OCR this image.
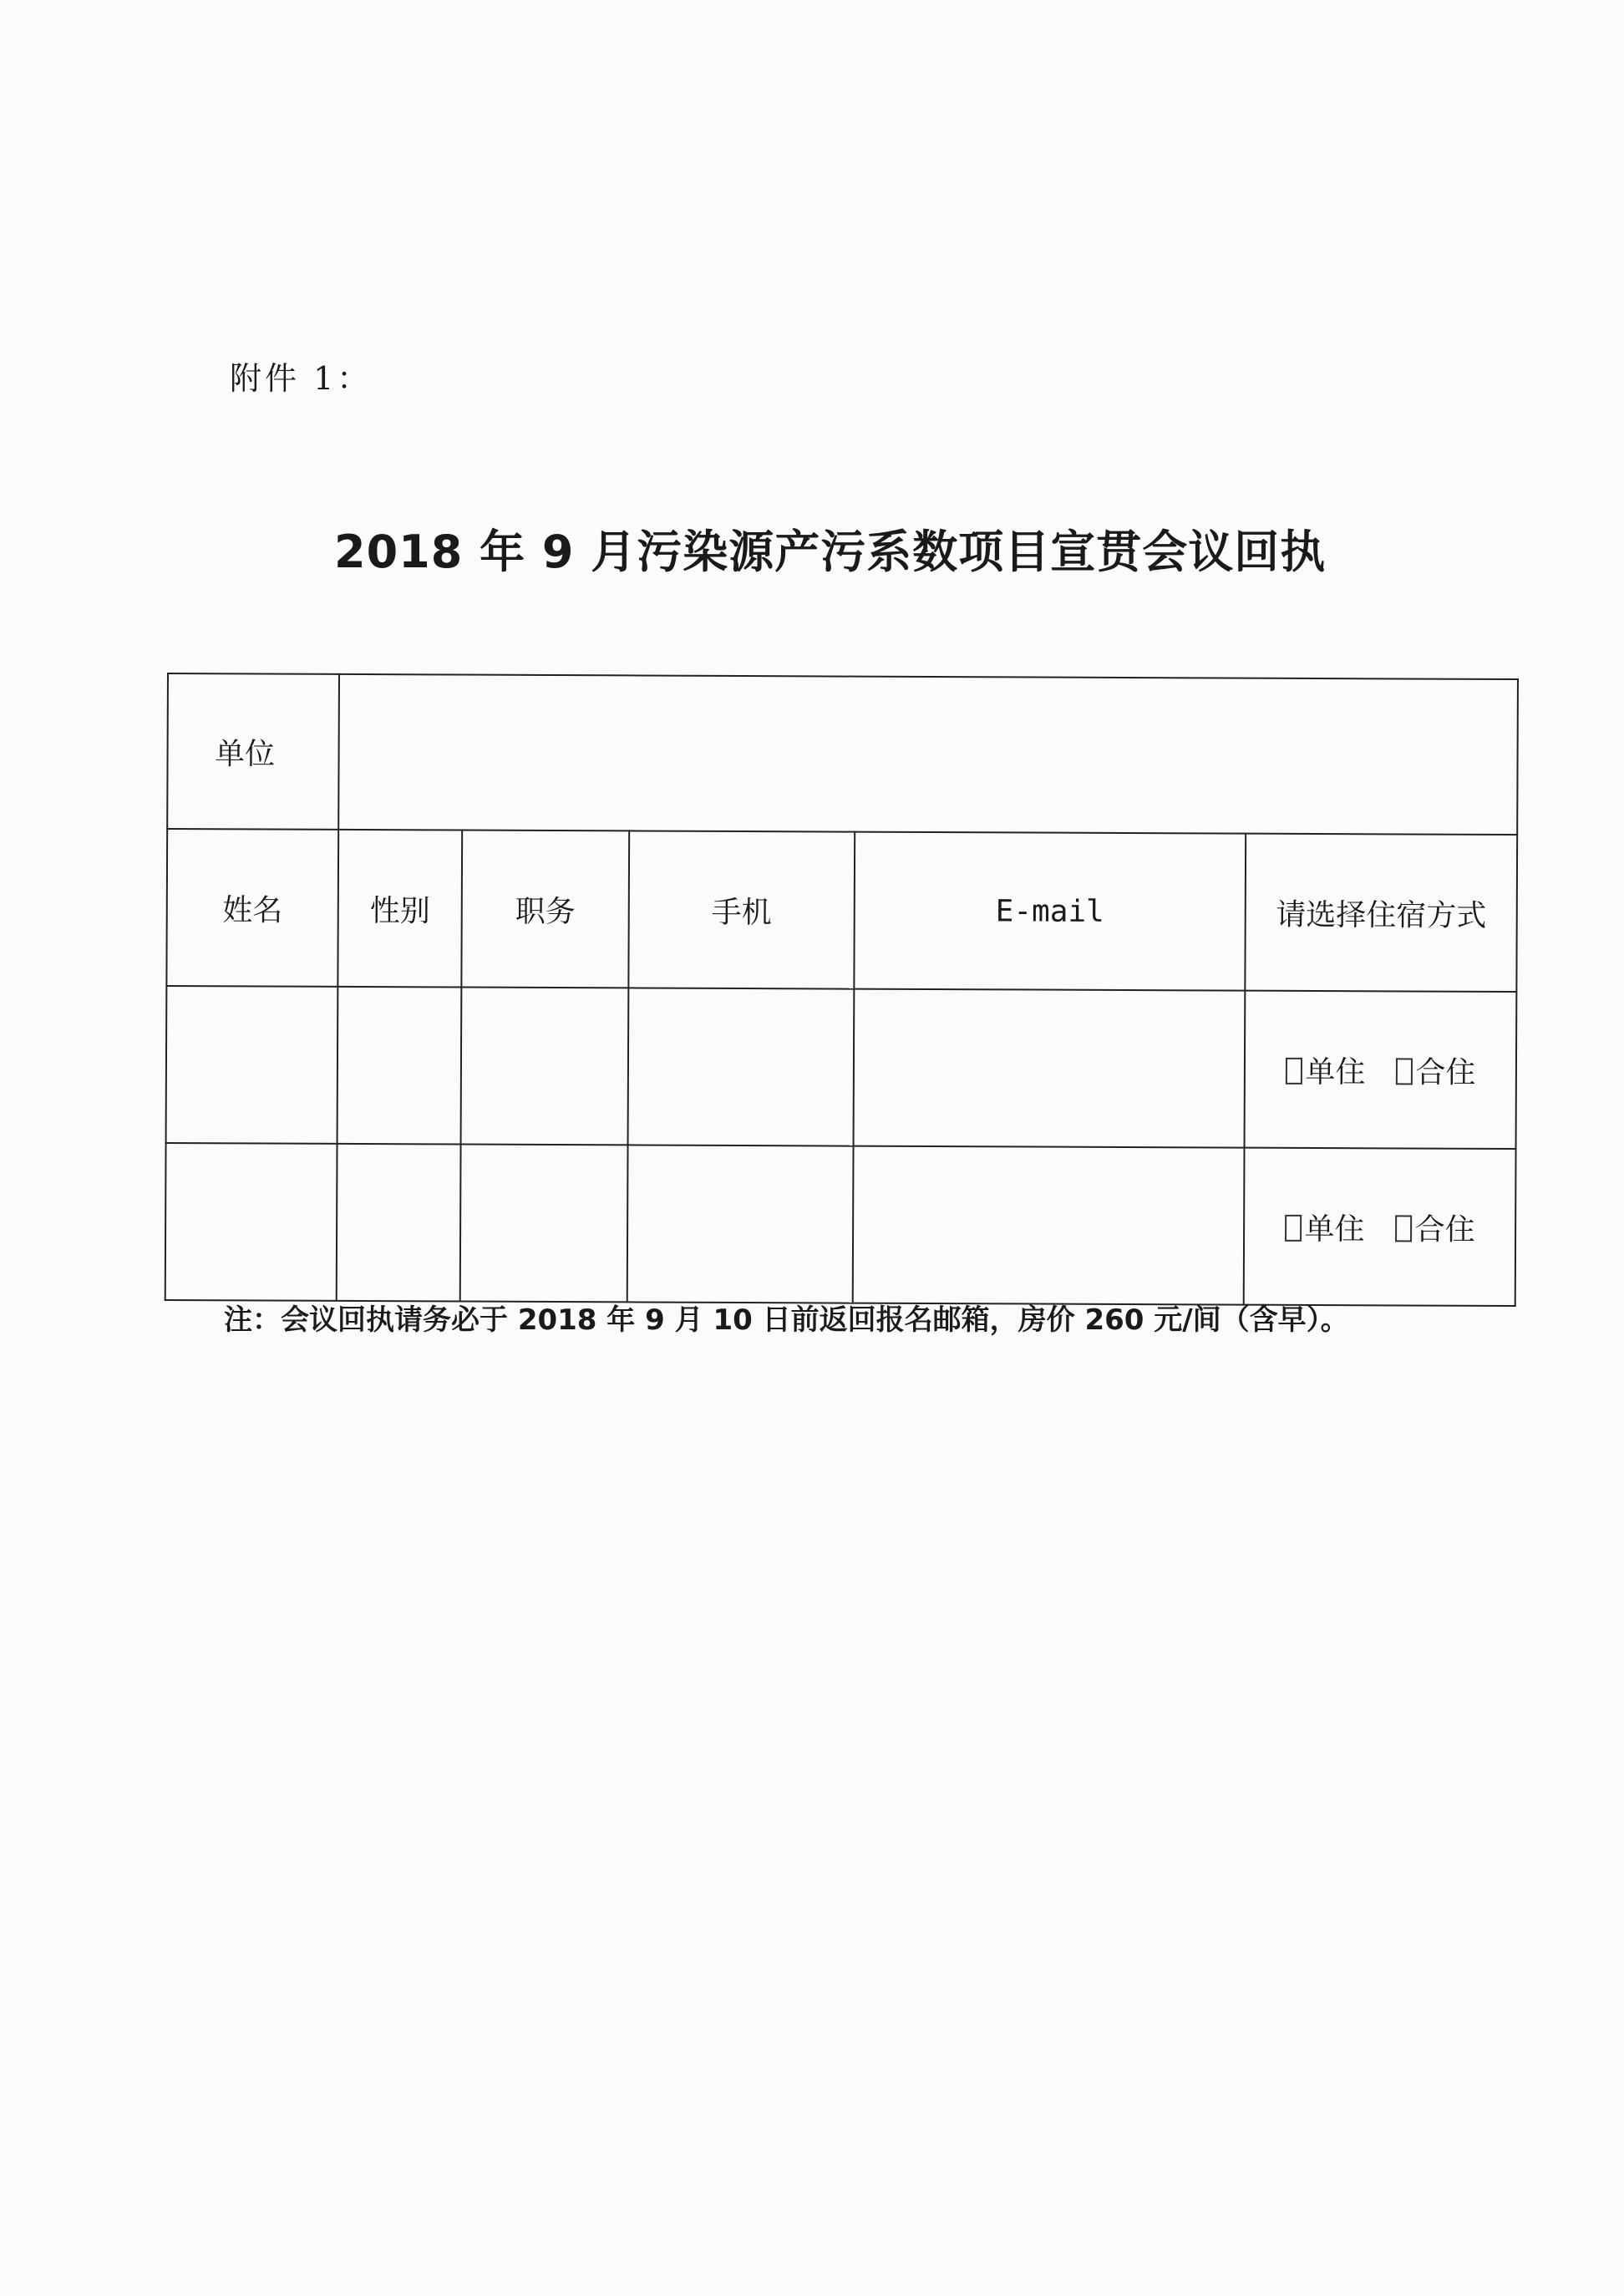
附件 1：
2018 年 9 月污染源产污系数项目宣贯会议回执
单位					
姓名	性别	职务	手机	E-mail	请选择住宿方式
					单住 合住
					单住 合住
注：会议回执请务必于 2018 年 9 月 10 日前返回报名邮箱，房价 260 元/间（含早）。
